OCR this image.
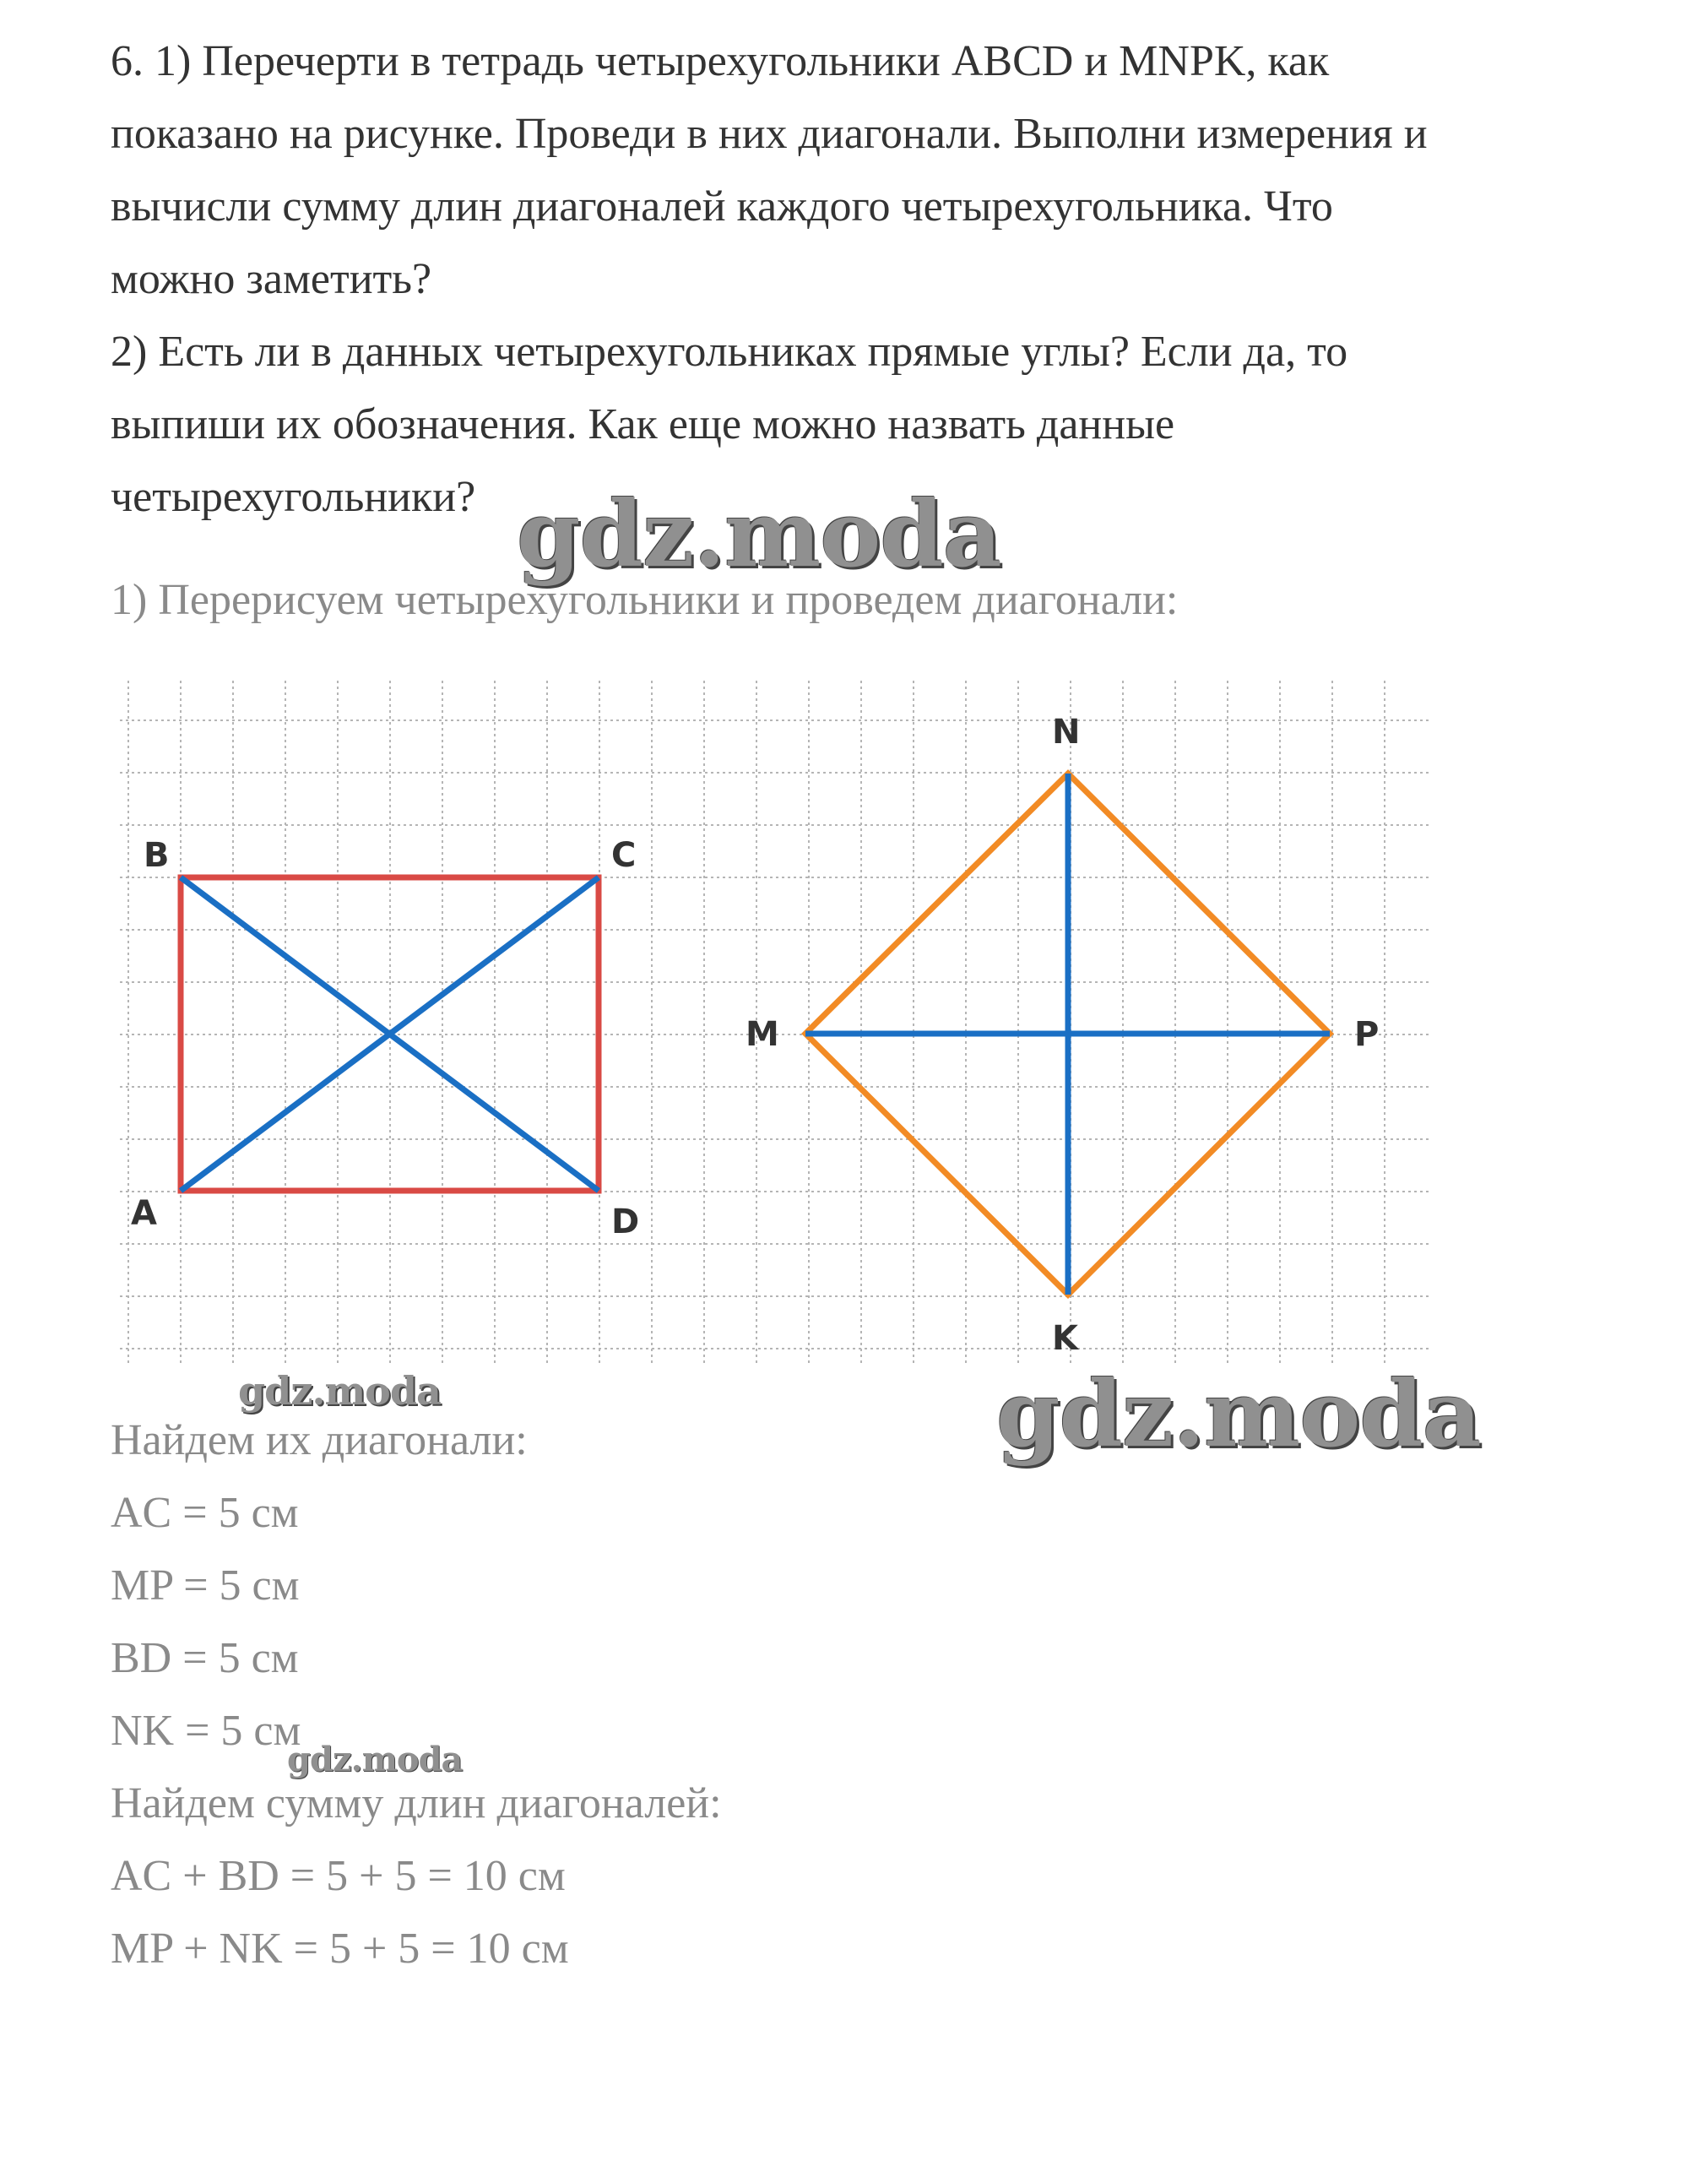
6. 1) Перечерти в тетрадь четырехугольники ABCD и MNPK, как
показано на рисунке. Проведи в них диагонали. Выполни измерения и
вычисли сумму длин диагоналей каждого четырехугольника. Что
можно заметить?
2) Есть ли в данных четырехугольниках прямые углы? Если да, то
выпиши их обозначения. Как еще можно назвать данные
четырехугольники?
1) Перерисуем четырехугольники и проведем диагонали:
B	C
A	D
N
M	P
K
Найдем их диагонали:
AC = 5 см
MP = 5 см
BD = 5 см
NK = 5 см
Найдем сумму длин диагоналей:
AC + BD = 5 + 5 = 10 см
MP + NK = 5 + 5 = 10 см
gdz.moda
gdz.moda	gdz.moda
gdz.moda
